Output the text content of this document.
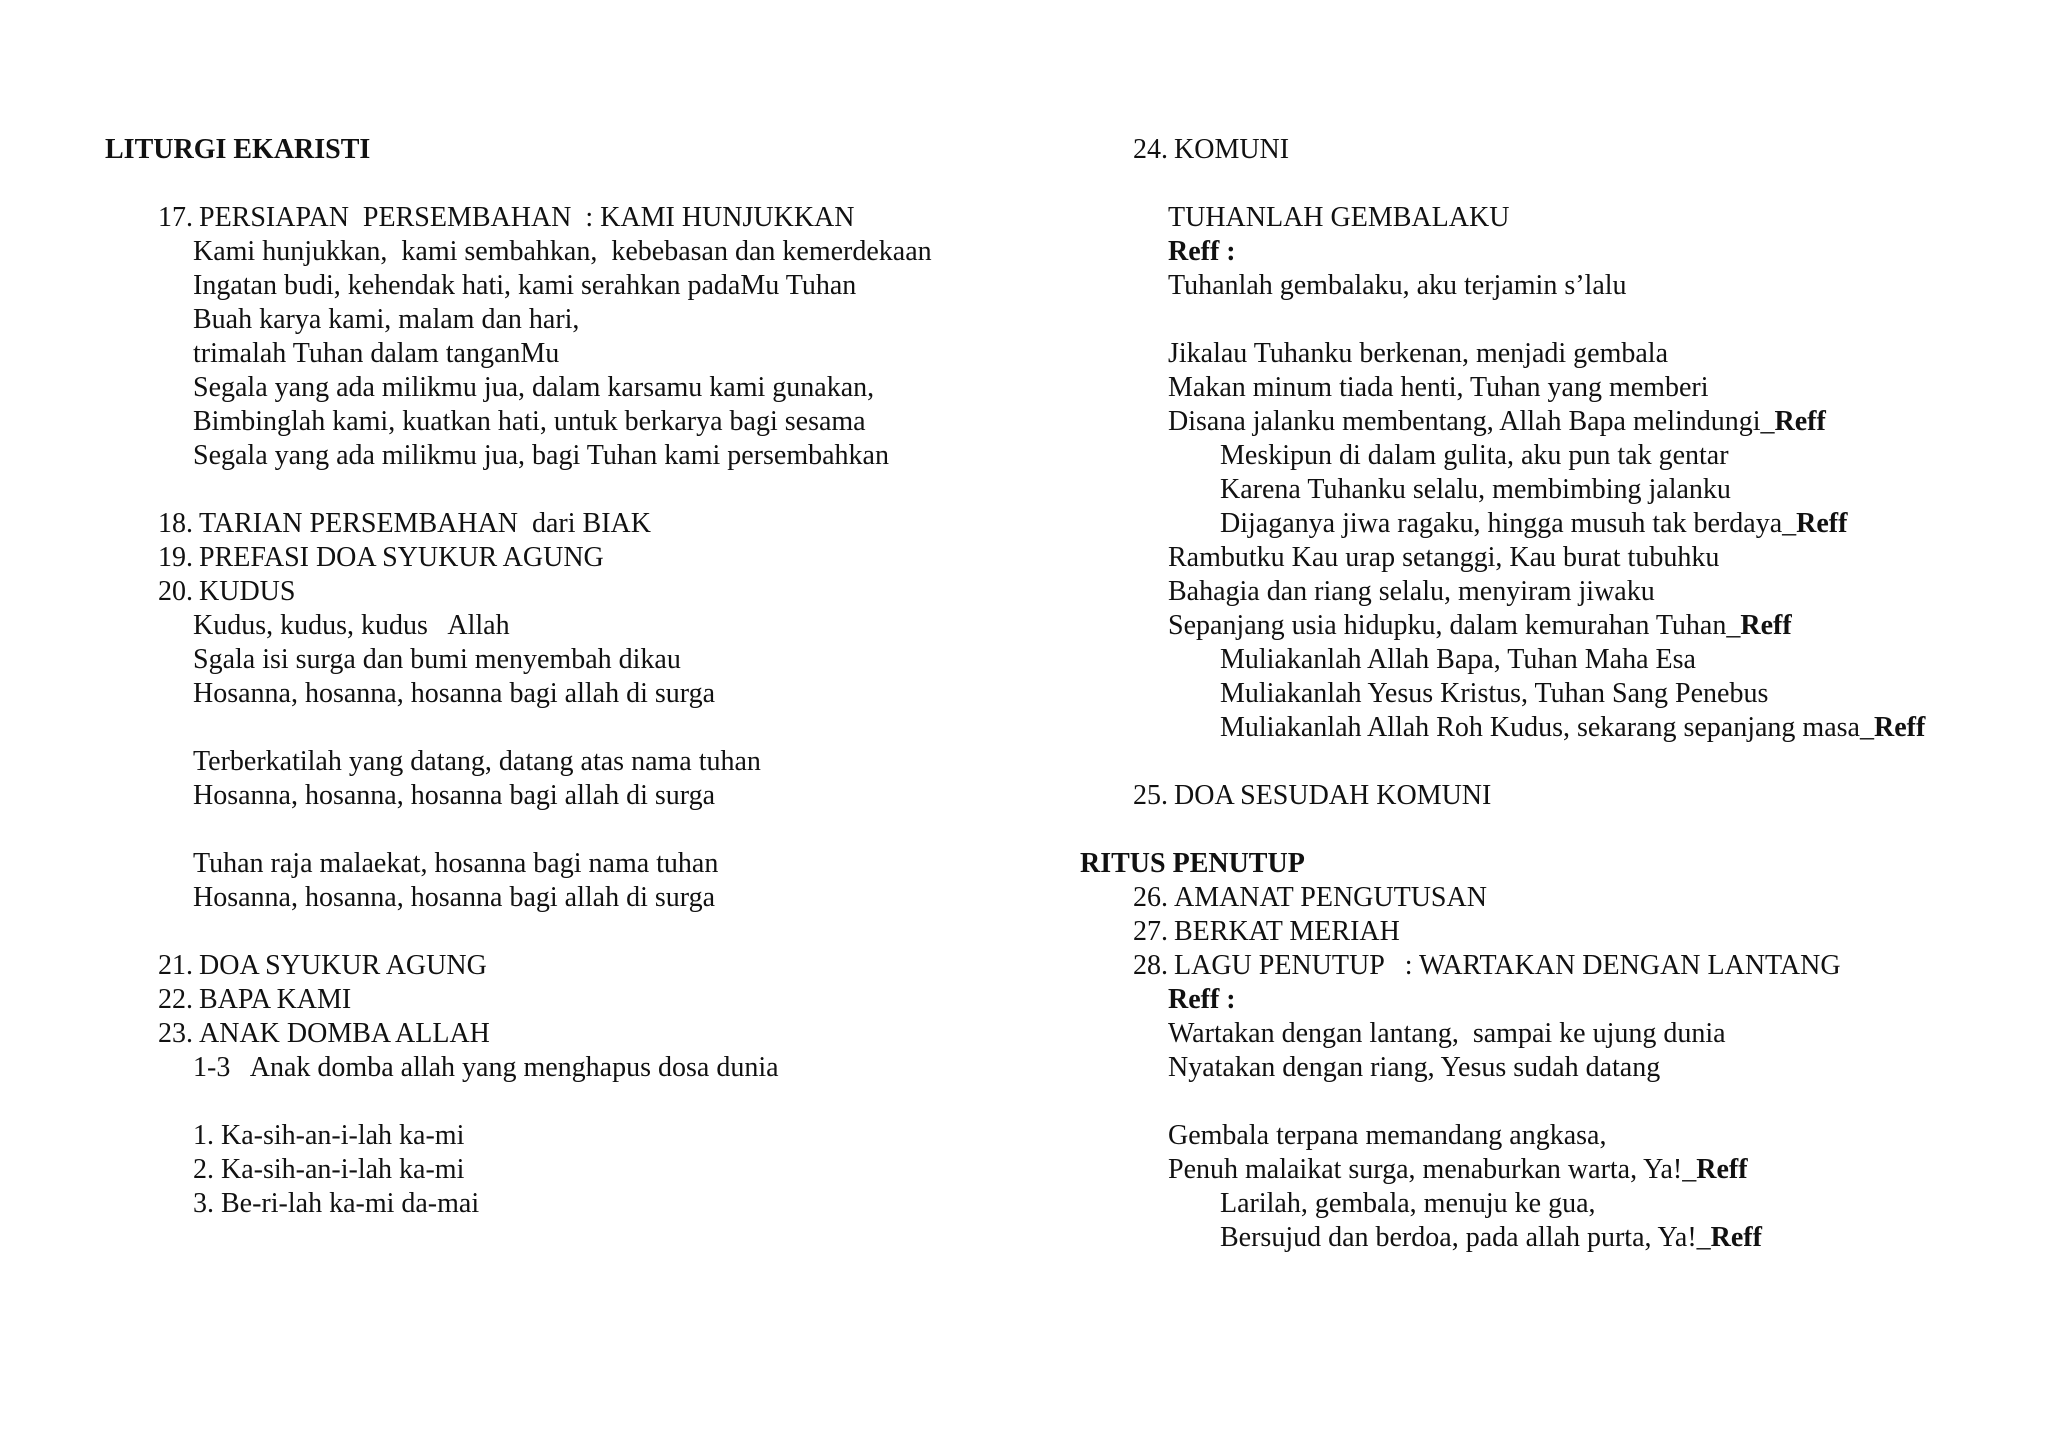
LITURGI EKARISTI
17. PERSIAPAN  PERSEMBAHAN  : KAMI HUNJUKKAN
Kami hunjukkan,  kami sembahkan,  kebebasan dan kemerdekaan
Ingatan budi, kehendak hati, kami serahkan padaMu Tuhan
Buah karya kami, malam dan hari,
trimalah Tuhan dalam tanganMu
Segala yang ada milikmu jua, dalam karsamu kami gunakan,
Bimbinglah kami, kuatkan hati, untuk berkarya bagi sesama
Segala yang ada milikmu jua, bagi Tuhan kami persembahkan
18. TARIAN PERSEMBAHAN  dari BIAK
19. PREFASI DOA SYUKUR AGUNG
20. KUDUS
Kudus, kudus, kudus   Allah
Sgala isi surga dan bumi menyembah dikau
Hosanna, hosanna, hosanna bagi allah di surga
Terberkatilah yang datang, datang atas nama tuhan
Hosanna, hosanna, hosanna bagi allah di surga
Tuhan raja malaekat, hosanna bagi nama tuhan
Hosanna, hosanna, hosanna bagi allah di surga
21. DOA SYUKUR AGUNG
22. BAPA KAMI
23. ANAK DOMBA ALLAH
1-3   Anak domba allah yang menghapus dosa dunia
1. Ka-sih-an-i-lah ka-mi
2. Ka-sih-an-i-lah ka-mi
3. Be-ri-lah ka-mi da-mai
24. KOMUNI
TUHANLAH GEMBALAKU
Reff :
Tuhanlah gembalaku, aku terjamin s’lalu
Jikalau Tuhanku berkenan, menjadi gembala
Makan minum tiada henti, Tuhan yang memberi
Disana jalanku membentang, Allah Bapa melindungi_Reff
Meskipun di dalam gulita, aku pun tak gentar
Karena Tuhanku selalu, membimbing jalanku
Dijaganya jiwa ragaku, hingga musuh tak berdaya_Reff
Rambutku Kau urap setanggi, Kau burat tubuhku
Bahagia dan riang selalu, menyiram jiwaku
Sepanjang usia hidupku, dalam kemurahan Tuhan_Reff
Muliakanlah Allah Bapa, Tuhan Maha Esa
Muliakanlah Yesus Kristus, Tuhan Sang Penebus
Muliakanlah Allah Roh Kudus, sekarang sepanjang masa_Reff
25. DOA SESUDAH KOMUNI
RITUS PENUTUP
26. AMANAT PENGUTUSAN
27. BERKAT MERIAH
28. LAGU PENUTUP   : WARTAKAN DENGAN LANTANG
Reff :
Wartakan dengan lantang,  sampai ke ujung dunia
Nyatakan dengan riang, Yesus sudah datang
Gembala terpana memandang angkasa,
Penuh malaikat surga, menaburkan warta, Ya!_Reff
Larilah, gembala, menuju ke gua,
Bersujud dan berdoa, pada allah purta, Ya!_Reff
